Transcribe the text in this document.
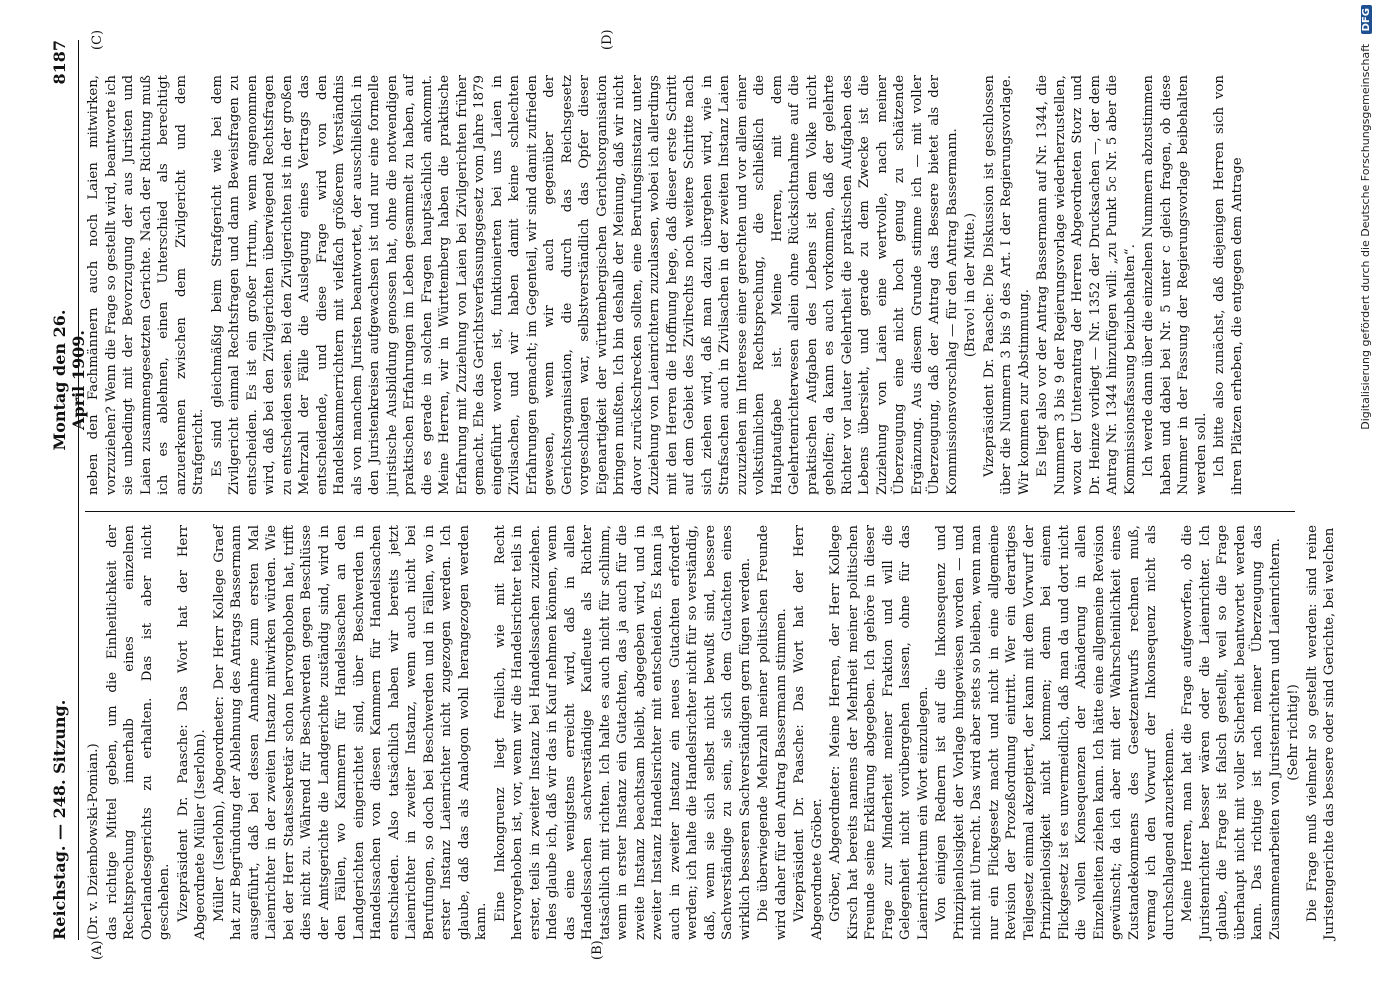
Reichstag. — 248. Sitzung.
Montag den 26. April 1909.
8187
(A)	(B)
(C)	(D)

(Dr. v. Dziembowski-Pomian.) das richtige Mittel geben, um die Einheitlichkeit der Rechtsprechung innerhalb eines einzelnen Oberlandesgerichts zu erhalten. Das ist aber nicht geschehen. Vizepräsident Dr. Paasche: Das Wort hat der Herr Abgeordnete Müller (Iserlohn). Müller (Iserlohn), Abgeordneter: Der Herr Kollege Graef hat zur Begründung der Ablehnung des Antrags Bassermann ausgeführt, daß bei dessen Annahme zum ersten Mal Laienrichter in der zweiten Instanz mitwirken würden. Wie bei der Herr Staatssekretär schon hervorgehoben hat, trifft dies nicht zu. Während für Beschwerden gegen Beschlüsse der Amtsgerichte die Landgerichte zuständig sind, wird in den Fällen, wo Kammern für Handelssachen an den Landgerichten eingerichtet sind, über Beschwerden in Handelssachen von diesen Kammern für Handelssachen entschieden. Also tatsächlich haben wir bereits jetzt Laienrichter in zweiter Instanz, wenn auch nicht bei Berufungen, so doch bei Beschwerden und in Fällen, wo in erster Instanz Laienrichter nicht zugezogen werden. Ich glaube, daß das als Analogon wohl herangezogen werden kann. Eine Inkongruenz liegt freilich, wie mit Recht hervorgehoben ist, vor, wenn wir die Handelsrichter teils in erster, teils in zweiter Instanz bei Handelssachen zuziehen. Indes glaube ich, daß wir das in Kauf nehmen können, wenn das eine wenigstens erreicht wird, daß in allen Handelssachen sachverständige Kaufleute als Richter tatsächlich mit richten. Ich halte es auch nicht für schlimm, wenn in erster Instanz ein Gutachten, das ja auch für die zweite Instanz beachtsam bleibt, abgegeben wird, und in zweiter Instanz Handelsrichter mit entscheiden. Es kann ja auch in zweiter Instanz ein neues Gutachten erfordert werden; ich halte die Handelsrichter nicht für so verständig, daß, wenn sie sich selbst nicht bewußt sind, bessere Sachverständige zu sein, sie sich dem Gutachten eines wirklich besseren Sachverständigen gern fügen werden. Die überwiegende Mehrzahl meiner politischen Freunde wird daher für den Antrag Bassermann stimmen. Vizepräsident Dr. Paasche: Das Wort hat der Herr Abgeordnete Gröber. Gröber, Abgeordneter: Meine Herren, der Herr Kollege Kirsch hat bereits namens der Mehrheit meiner politischen Freunde seine Erklärung abgegeben. Ich gehöre in dieser Frage zur Minderheit meiner Fraktion und will die Gelegenheit nicht vorübergehen lassen, ohne für das Laienrichtertum ein Wort einzulegen. Von einigen Rednern ist auf die Inkonsequenz und Prinzipienlosigkeit der Vorlage hingewiesen worden — und nicht mit Unrecht. Das wird aber stets so bleiben, wenn man nur ein Flickgesetz macht und nicht in eine allgemeine Revision der Prozeßordnung eintritt. Wer ein derartiges Teilgesetz einmal akzeptiert, der kann mit dem Vorwurf der Prinzipienlosigkeit nicht kommen; denn bei einem Flickgesetz ist es unvermeidlich, daß man da und dort nicht die vollen Konsequenzen der Abänderung in allen Einzelheiten ziehen kann. Ich hätte eine allgemeine Revision gewünscht; da ich aber mit der Wahrscheinlichkeit eines Zustandekommens des Gesetzentwurfs rechnen muß, vermag ich den Vorwurf der Inkonsequenz nicht als durchschlagend anzuerkennen. Meine Herren, man hat die Frage aufgeworfen, ob die Juristenrichter besser wären oder die Laienrichter. Ich glaube, die Frage ist falsch gestellt, weil so die Frage überhaupt nicht mit voller Sicherheit beantwortet werden kann. Das richtige ist nach meiner Überzeugung das Zusammenarbeiten von Juristenrichtern und Laienrichtern. (Sehr richtig!) Die Frage muß vielmehr so gestellt werden: sind reine Juristengerichte das bessere oder sind Gerichte, bei welchen

neben den Fachmännern auch noch Laien mitwirken, vorzuziehen? Wenn die Frage so gestellt wird, beantworte ich sie unbedingt mit der Bevorzugung der aus Juristen und Laien zusammengesetzten Gerichte. Nach der Richtung muß ich es ablehnen, einen Unterschied als berechtigt anzuerkennen zwischen dem Zivilgericht und dem Strafgericht. Es sind gleichmäßig beim Strafgericht wie bei dem Zivilgericht einmal Rechtsfragen und dann Beweisfragen zu entscheiden. Es ist ein großer Irrtum, wenn angenommen wird, daß bei den Zivilgerichten überwiegend Rechtsfragen zu entscheiden seien. Bei den Zivilgerichten ist in der großen Mehrzahl der Fälle die Auslegung eines Vertrags das entscheidende, und diese Frage wird von den Handelskammerrichtern mit vielfach größerem Verständnis als von manchem Juristen beantwortet, der ausschließlich in den Juristenkreisen aufgewachsen ist und nur eine formelle juristische Ausbildung genossen hat, ohne die notwendigen praktischen Erfahrungen im Leben gesammelt zu haben, auf die es gerade in solchen Fragen hauptsächlich ankommt. Meine Herren, wir in Württemberg haben die praktische Erfahrung mit Zuziehung von Laien bei Zivilgerichten früher gemacht. Ehe das Gerichtsverfassungsgesetz vom Jahre 1879 eingeführt worden ist, funktionierten bei uns Laien in Zivilsachen, und wir haben damit keine schlechten Erfahrungen gemacht; im Gegenteil, wir sind damit zufrieden gewesen, wenn wir auch gegenüber der Gerichtsorganisation, die durch das Reichsgesetz vorgeschlagen war, selbstverständlich das Opfer dieser Eigenartigkeit der württembergischen Gerichtsorganisation bringen mußten. Ich bin deshalb der Meinung, daß wir nicht davor zurückschrecken sollten, eine Berufungsinstanz unter Zuziehung von Laienrichtern zuzulassen, wobei ich allerdings mit den Herren die Hoffnung hege, daß dieser erste Schritt auf dem Gebiet des Zivilrechts noch weitere Schritte nach sich ziehen wird, daß man dazu übergehen wird, wie in Strafsachen auch in Zivilsachen in der zweiten Instanz Laien zuzuziehen im Interesse einer gerechten und vor allem einer volkstümlichen Rechtsprechung, die schließlich die Hauptaufgabe ist. Meine Herren, mit dem Gelehrtenrichterwesen allein ohne Rücksichtnahme auf die praktischen Aufgaben des Lebens ist dem Volke nicht geholfen; da kann es auch vorkommen, daß der gelehrte Richter vor lauter Gelehrtheit die praktischen Aufgaben des Lebens übersieht, und gerade zu dem Zwecke ist die Zuziehung von Laien eine wertvolle, nach meiner Überzeugung eine nicht hoch genug zu schätzende Ergänzung. Aus diesem Grunde stimme ich — mit voller Überzeugung, daß der Antrag das Bessere bietet als der Kommissionsvorschlag — für den Antrag Bassermann. (Bravo! in der Mitte.) Vizepräsident Dr. Paasche: Die Diskussion ist geschlossen über die Nummern 3 bis 9 des Art. I der Regierungsvorlage. Wir kommen zur Abstimmung. Es liegt also vor der Antrag Bassermann auf Nr. 1344, die Nummern 3 bis 9 der Regierungsvorlage wiederherzustellen, wozu der Unterantrag der Herren Abgeordneten Storz und Dr. Heinze vorliegt — Nr. 1352 der Drucksachen —, der dem Antrag Nr. 1344 hinzufügen will: „zu Punkt 5c Nr. 5 aber die Kommissionsfassung beizubehalten“. Ich werde dann über die einzelnen Nummern abzustimmen haben und dabei bei Nr. 5 unter c gleich fragen, ob diese Nummer in der Fassung der Regierungsvorlage beibehalten werden soll. Ich bitte also zunächst, daß diejenigen Herren sich von ihren Plätzen erheben, die entgegen dem Antrage	Digitalisierung gefördert durch die Deutsche Forschungsgemeinschaft DFG
